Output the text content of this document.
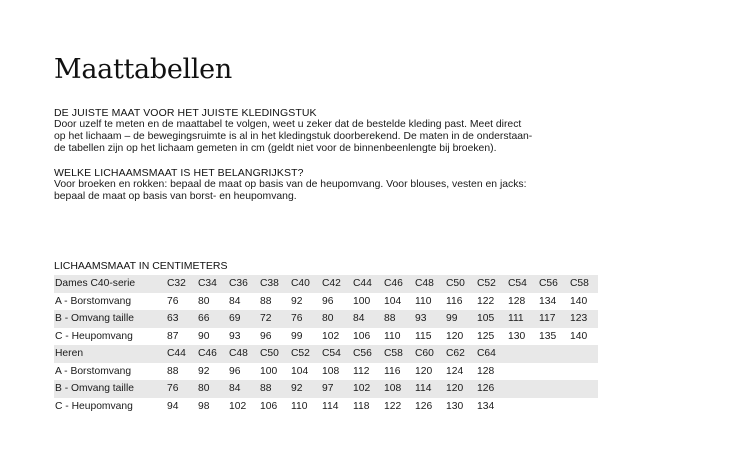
Maattabellen
DE JUISTE MAAT VOOR HET JUISTE KLEDINGSTUK

Door uzelf te meten en de maattabel te volgen, weet u zeker dat de bestelde kleding past. Meet direct

op het lichaam – de bewegingsruimte is al in het kledingstuk doorberekend. De maten in de onderstaan-

de tabellen zijn op het lichaam gemeten in cm (geldt niet voor de binnenbeenlengte bij broeken).

WELKE LICHAAMSMAAT IS HET BELANGRIJKST?

Voor broeken en rokken: bepaal de maat op basis van de heupomvang. Voor blouses, vesten en jacks:

bepaal de maat op basis van borst- en heupomvang.

LICHAAMSMAAT IN CENTIMETERS
Dames C40-serie	C32	C34	C36	C38	C40	C42	C44	C46	C48	C50	C52	C54	C56	C58
A - Borstomvang	76	80	84	88	92	96	100	104	110	116	122	128	134	140
B - Omvang taille	63	66	69	72	76	80	84	88	93	99	105	111	117	123
C - Heupomvang	87	90	93	96	99	102	106	110	115	120	125	130	135	140
Heren	C44	C46	C48	C50	C52	C54	C56	C58	C60	C62	C64			
A - Borstomvang	88	92	96	100	104	108	112	116	120	124	128			
B - Omvang taille	76	80	84	88	92	97	102	108	114	120	126			
C - Heupomvang	94	98	102	106	110	114	118	122	126	130	134			
